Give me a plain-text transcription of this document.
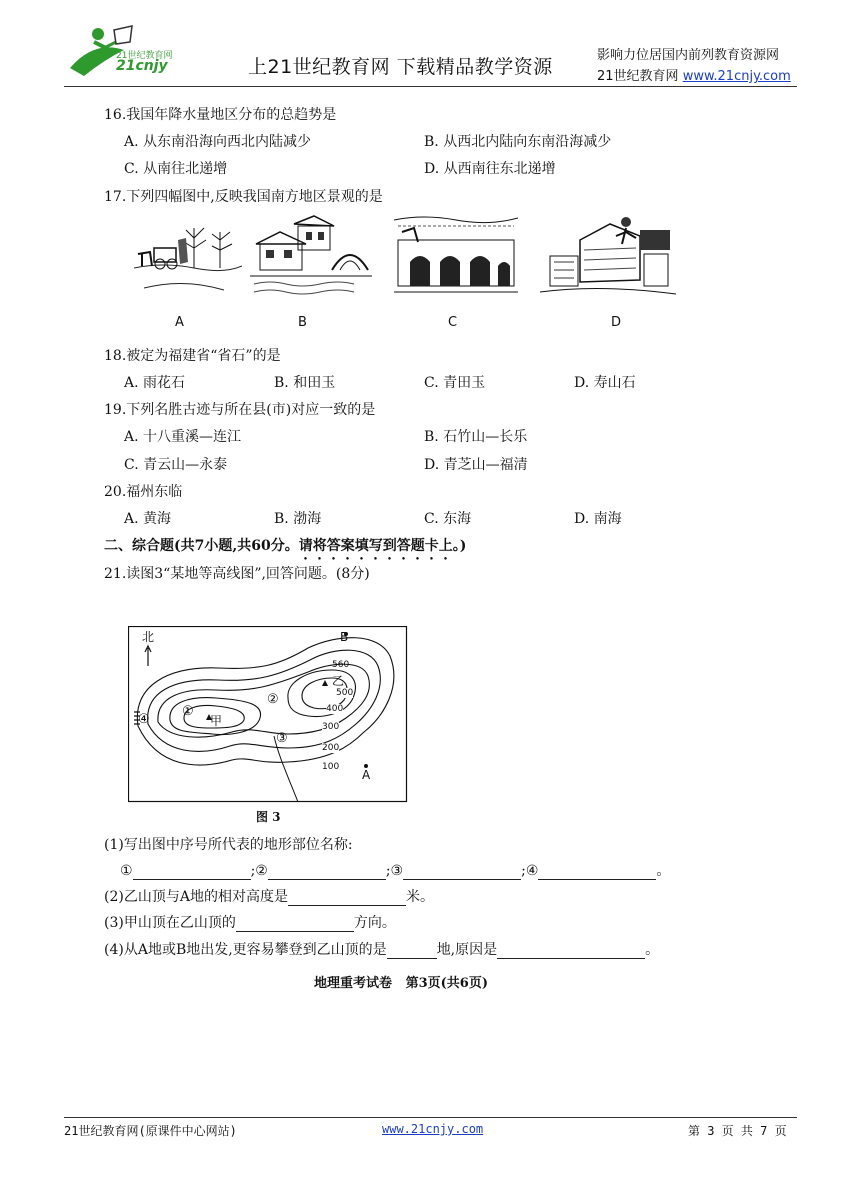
21世纪教育网
21cnjy	上21世纪教育网 下载精品教学资源
影响力位居国内前列教育资源网
21世纪教育网 www.21cnjy.com
16.我国年降水量地区分布的总趋势是
A. 从东南沿海向西北内陆减少	B. 从西北内陆向东南沿海减少
C. 从南往北递增	D. 从西南往东北递增
17.下列四幅图中,反映我国南方地区景观的是
A	B	C	D
18.被定为福建省“省石”的是
A. 雨花石	B. 和田玉	C. 青田玉	D. 寿山石
19.下列名胜古迹与所在县(市)对应一致的是
A. 十八重溪—连江	B. 石竹山—长乐
C. 青云山—永泰	D. 青芝山—福清
20.福州东临
A. 黄海	B. 渤海	C. 东海	D. 南海
二、综合题(共7小题,共60分。请将答案填写到答题卡上。)
21.读图3“某地等高线图”,回答问题。(8分)
北	B
560
乙
甲
①
②
③
④
500
400
300
200
100
A
图 3
(1)写出图中序号所代表的地形部位名称:
①	;②	;③	;④	。
(2)乙山顶与A地的相对高度是	米。
(3)甲山顶在乙山顶的	方向。
(4)从A地或B地出发,更容易攀登到乙山顶的是	地,原因是	。
地理重考试卷   第3页(共6页)
21世纪教育网(原课件中心网站)	www.21cnjy.com	第 3 页 共 7 页
